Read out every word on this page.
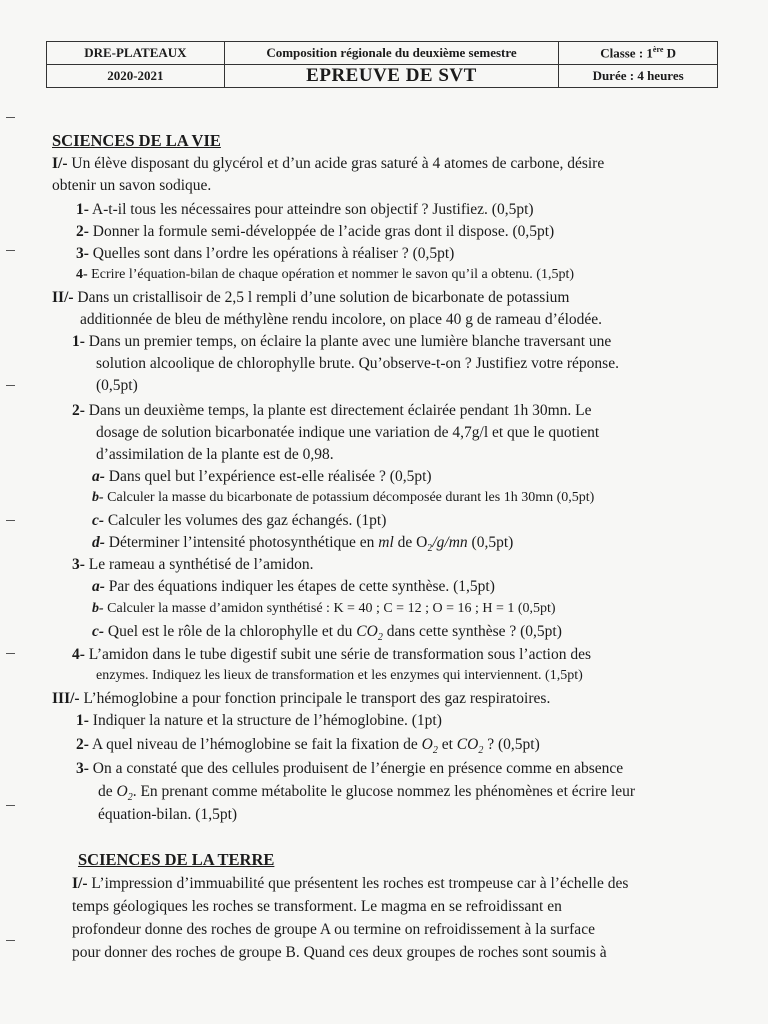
DRE-PLATEAUX	Composition régionale du deuxième semestre	Classe : 1ère D
2020-2021	EPREUVE DE SVT	Durée : 4 heures
SCIENCES DE LA VIE
I/- Un élève disposant du glycérol et d’un acide gras saturé à 4 atomes de carbone, désire
obtenir un savon sodique.
1- A-t-il tous les nécessaires pour atteindre son objectif ? Justifiez. (0,5pt)
2- Donner la formule semi-développée de l’acide gras dont il dispose. (0,5pt)
3- Quelles sont dans l’ordre les opérations à réaliser ? (0,5pt)
4- Ecrire l’équation-bilan de chaque opération et nommer le savon qu’il a obtenu. (1,5pt)
II/- Dans un cristallisoir de 2,5 l rempli d’une solution de bicarbonate de potassium
additionnée de bleu de méthylène rendu incolore, on place 40 g de rameau d’élodée.
1- Dans un premier temps, on éclaire la plante avec une lumière blanche traversant une
solution alcoolique de chlorophylle brute. Qu’observe-t-on ? Justifiez votre réponse.
(0,5pt)
2- Dans un deuxième temps, la plante est directement éclairée pendant 1h 30mn. Le
dosage de solution bicarbonatée indique une variation de 4,7g/l et que le quotient
d’assimilation de la plante est de 0,98.
a- Dans quel but l’expérience est-elle réalisée ? (0,5pt)
b- Calculer la masse du bicarbonate de potassium décomposée durant les 1h 30mn (0,5pt)
c- Calculer les volumes des gaz échangés. (1pt)
d- Déterminer l’intensité photosynthétique en ml de $O_2/g/mn$ (0,5pt)
3- Le rameau a synthétisé de l’amidon.
a- Par des équations indiquer les étapes de cette synthèse. (1,5pt)
b- Calculer la masse d’amidon synthétisé : K = 40 ; C = 12 ; O = 16 ; H = 1 (0,5pt)
c- Quel est le rôle de la chlorophylle et du $CO_2$ dans cette synthèse ? (0,5pt)
4- L’amidon dans le tube digestif subit une série de transformation sous l’action des
enzymes. Indiquez les lieux de transformation et les enzymes qui interviennent. (1,5pt)
III/- L’hémoglobine a pour fonction principale le transport des gaz respiratoires.
1- Indiquer la nature et la structure de l’hémoglobine. (1pt)
2- A quel niveau de l’hémoglobine se fait la fixation de $O_2$ et $CO_2$ ? (0,5pt)
3- On a constaté que des cellules produisent de l’énergie en présence comme en absence
de $O_2$. En prenant comme métabolite le glucose nommez les phénomènes et écrire leur
équation-bilan. (1,5pt)
SCIENCES DE LA TERRE
I/- L’impression d’immuabilité que présentent les roches est trompeuse car à l’échelle des
temps géologiques les roches se transforment. Le magma en se refroidissant en
profondeur donne des roches de groupe A ou termine on refroidissement à la surface
pour donner des roches de groupe B. Quand ces deux groupes de roches sont soumis à
